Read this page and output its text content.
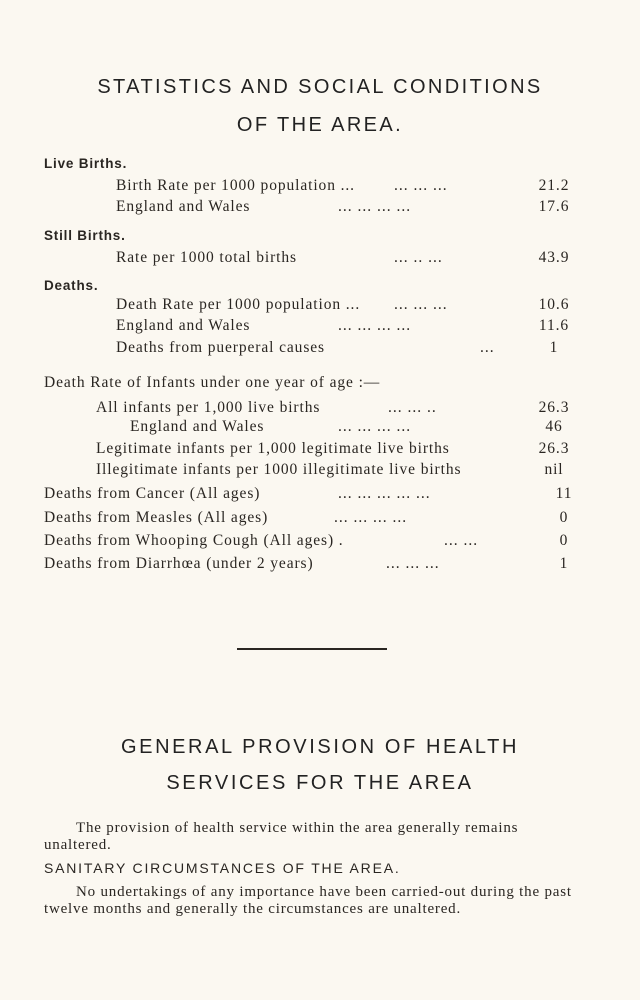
STATISTICS AND SOCIAL CONDITIONS
OF THE AREA.
Live Births.
Birth Rate per 1000 population ...	... ... ...	21.2
England and Wales	... ... ... ...	17.6
Still Births.
Rate per 1000 total births	... .. ...	43.9
Deaths.
Death Rate per 1000 population ... ... ... ...	10.6
England and Wales	... ... ... ...	11.6
Deaths from puerperal causes	...	1
Death Rate of Infants under one year of age :—
All infants per 1,000 live births	... ... ..	26.3
England and Wales	... ... ... ...	46
Legitimate infants per 1,000 legitimate live births	26.3
Illegitimate infants per 1000 illegitimate live births	nil
Deaths from Cancer (All ages)	... ... ... ... ...	11
Deaths from Measles (All ages)	... ... ... ...	0
Deaths from Whooping Cough (All ages) .	... ...	0
Deaths from Diarrhœa (under 2 years)	... ... ...	1
GENERAL PROVISION OF HEALTH
SERVICES FOR THE AREA
The provision of health service within the area generally remains unaltered.
SANITARY CIRCUMSTANCES OF THE AREA.
No undertakings of any importance have been carried-out during the past twelve months and generally the circumstances are unaltered.
